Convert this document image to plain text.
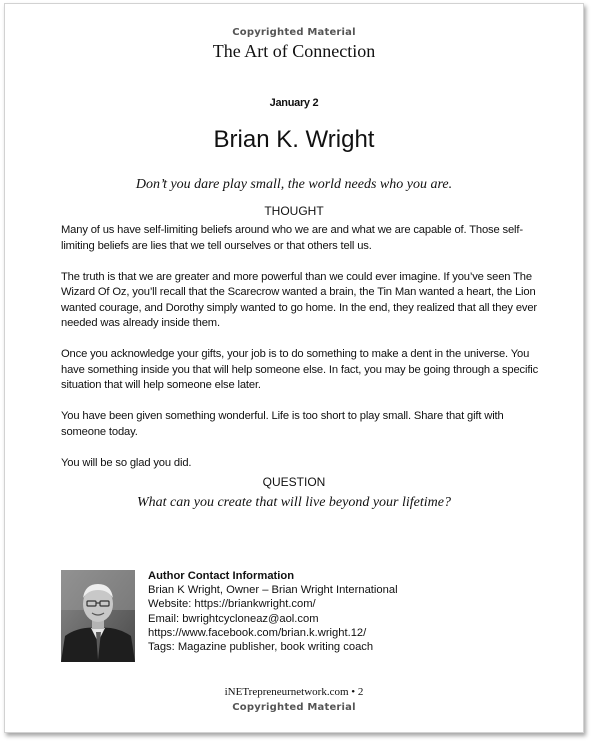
Copyrighted Material
The Art of Connection
January 2
Brian K. Wright
Don’t you dare play small, the world needs who you are.
THOUGHT

Many of us have self-limiting beliefs around who we are and what we are capable of. Those self-limiting beliefs are lies that we tell ourselves or that others tell us.

The truth is that we are greater and more powerful than we could ever imagine. If you’ve seen The Wizard Of Oz, you’ll recall that the Scarecrow wanted a brain, the Tin Man wanted a heart, the Lion wanted courage, and Dorothy simply wanted to go home. In the end, they realized that all they ever needed was already inside them.

Once you acknowledge your gifts, your job is to do something to make a dent in the universe. You have something inside you that will help someone else. In fact, you may be going through a specific situation that will help someone else later.

You have been given something wonderful. Life is too short to play small. Share that gift with someone today.

You will be so glad you did.

QUESTION
What can you create that will live beyond your lifetime?
Author Contact Information
Brian K Wright, Owner – Brian Wright International
Website: https://briankwright.com/
Email: bwrightcycloneaz@aol.com
https://www.facebook.com/brian.k.wright.12/
Tags: Magazine publisher, book writing coach
iNETrepreneurnetwork.com • 2
Copyrighted Material
